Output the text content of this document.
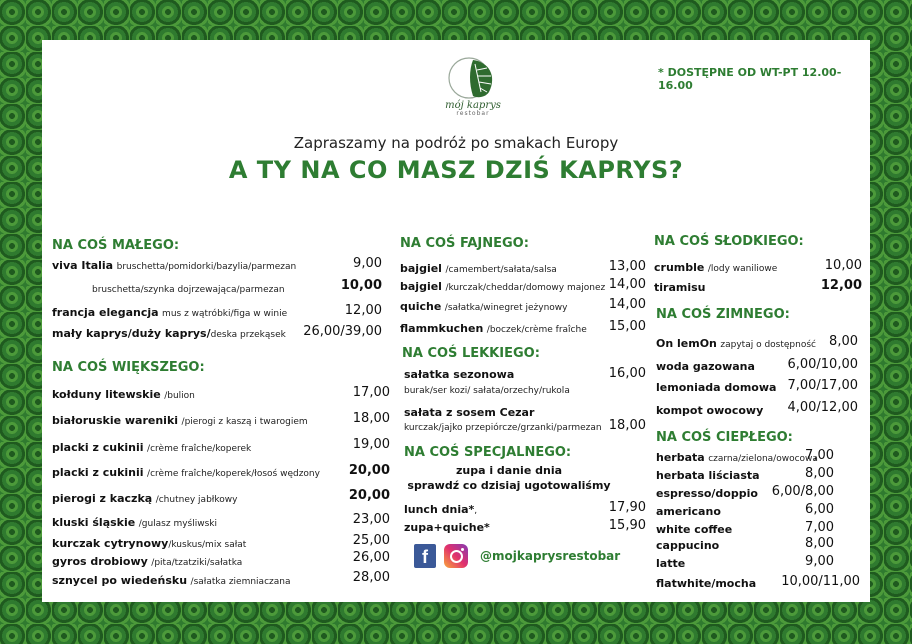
mój kaprys
restobar
* DOSTĘPNE OD WT-PT 12.00-16.00
Zapraszamy na podróż po smakach Europy
A TY NA CO MASZ DZIŚ KAPRYS?
NA COŚ MAŁEGO:
viva Italia bruschetta/pomidorki/bazylia/parmezan	9,00
bruschetta/szynka dojrzewająca/parmezan	10,00
francja elegancja mus z wątróbki/figa w winie	12,00
mały kaprys/duży kaprys/deska przekąsek 26,00/39,00
NA COŚ WIĘKSZEGO:
kołduny litewskie /bulion	17,00
białoruskie wareniki /pierogi z kaszą i twarogiem	18,00
placki z cukinii /crème fraîche/koperek	19,00
placki z cukinii /crème fraîche/koperek/łosoś wędzony 20,00
pierogi z kaczką /chutney jabłkowy	20,00
kluski śląskie /gulasz myśliwski	23,00
kurczak cytrynowy/kuskus/mix sałat	25,00
gyros drobiowy /pita/tzatziki/sałatka	26,00
sznycel po wiedeńsku /sałatka ziemniaczana	28,00
NA COŚ FAJNEGO:
bajgiel /camembert/sałata/salsa	13,00
bajgiel /kurczak/cheddar/domowy majonez 14,00
quiche /sałatka/winegret jeżynowy	14,00
flammkuchen /boczek/crème fraîche 15,00
NA COŚ LEKKIEGO:
sałatka sezonowa
burak/ser kozi/ sałata/orzechy/rukola
16,00
sałata z sosem Cezar
kurczak/jajko przepiórcze/grzanki/parmezan 18,00
NA COŚ SPECJALNEGO:
zupa i danie dnia
sprawdź co dzisiaj ugotowaliśmy
lunch dnia*,	17,90
zupa+quiche*	15,90
f	@mojkaprysrestobar
NA COŚ SŁODKIEGO:
crumble /lody waniliowe	10,00
tiramisu	12,00
NA COŚ ZIMNEGO:
On lemOn zapytaj o dostępność 8,00
woda gazowana	6,00/10,00
lemoniada domowa 7,00/17,00
kompot owocowy 4,00/12,00
NA COŚ CIEPŁEGO:
herbata czarna/zielona/owocowa
7,00
herbata liściasta	8,00
espresso/doppio 6,00/8,00
americano	6,00
white coffee	7,00
cappucino	8,00
latte	9,00
flatwhite/mocha 10,00/11,00
